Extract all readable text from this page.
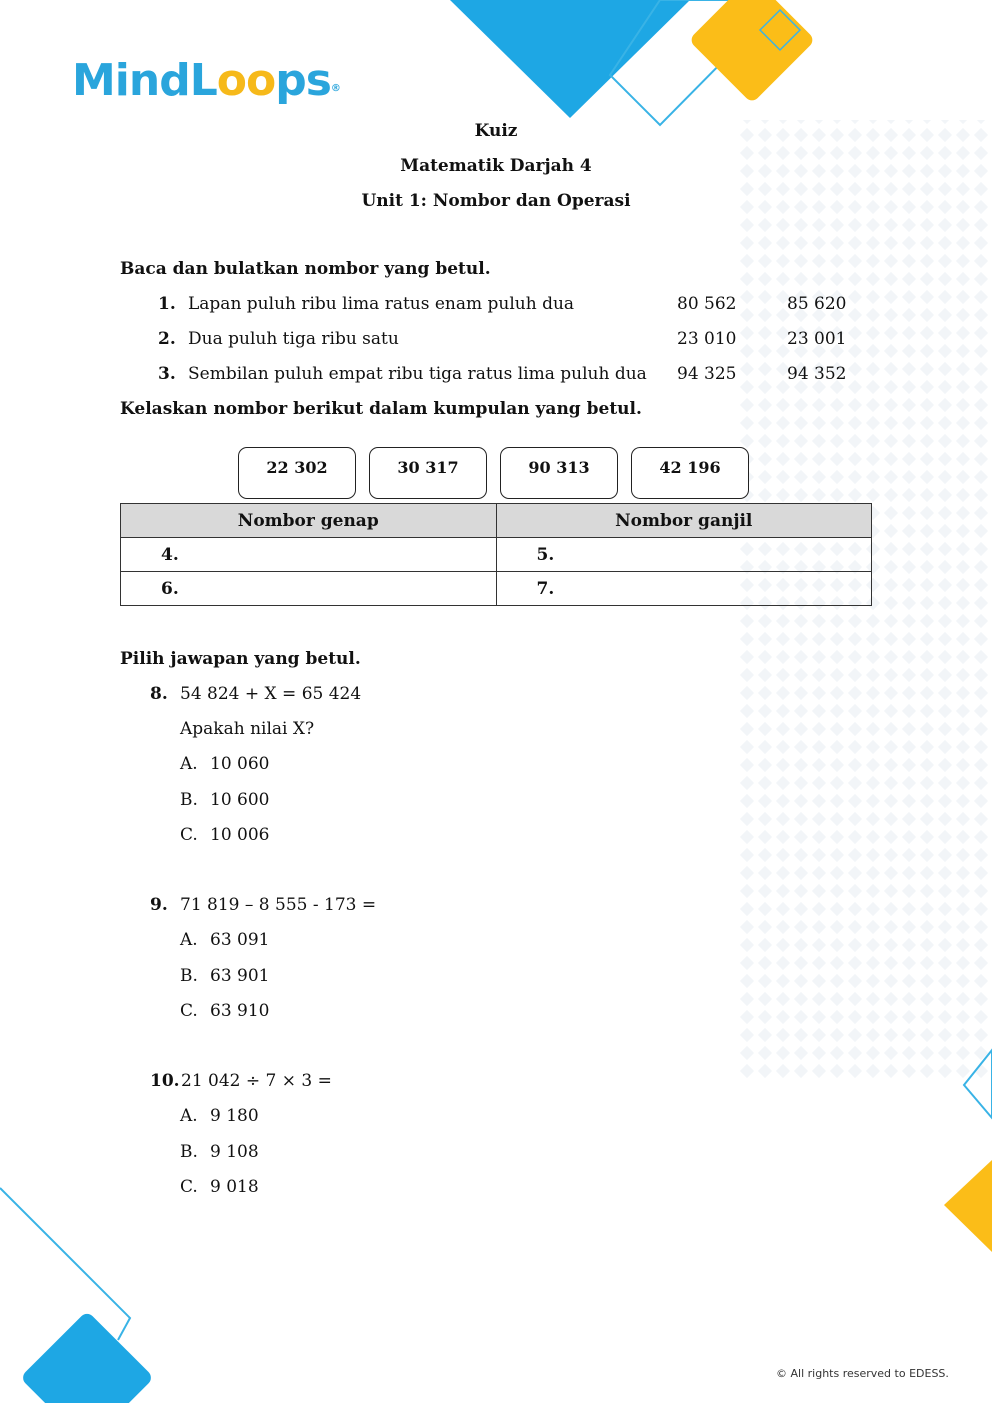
MindLoops®
Kuiz
Matematik Darjah 4
Unit 1: Nombor dan Operasi
Baca dan bulatkan nombor yang betul.
1. Lapan puluh ribu lima ratus enam puluh dua	80 562	85 620
2. Dua puluh tiga ribu satu	23 010	23 001
3. Sembilan puluh empat ribu tiga ratus lima puluh dua 94 325	94 352
Kelaskan nombor berikut dalam kumpulan yang betul.
22 302	30 317	90 313	42 196
Nombor genap	Nombor ganjil
4.	5.
6.	7.
Pilih jawapan yang betul.
8. 54 824 + X = 65 424
Apakah nilai X?
A. 10 060
B. 10 600
C. 10 006
9. 71 819 – 8 555 - 173 =
A. 63 091
B. 63 901
C. 63 910
10. 21 042 ÷ 7 × 3 =
A. 9 180
B. 9 108
C. 9 018
© All rights reserved to EDESS.
